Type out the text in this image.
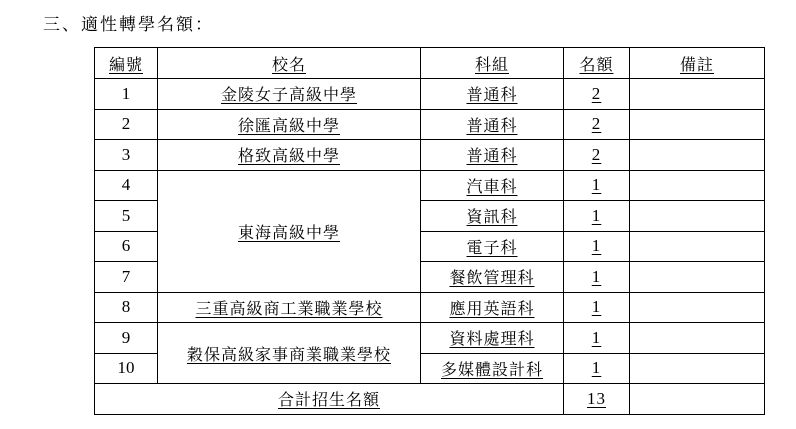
三、適性轉學名額：
編號	校名	科組	名額	備註
1	金陵女子高級中學	普通科	2	
2	徐匯高級中學	普通科	2	
3	格致高級中學	普通科	2	
4	東海高級中學	汽車科	1	
5		資訊科	1	
6		電子科	1	
7		餐飲管理科	1	
8	三重高級商工業職業學校	應用英語科	1	
9	穀保高級家事商業職業學校	資料處理科	1	
10		多媒體設計科	1	
合計招生名額			13	
